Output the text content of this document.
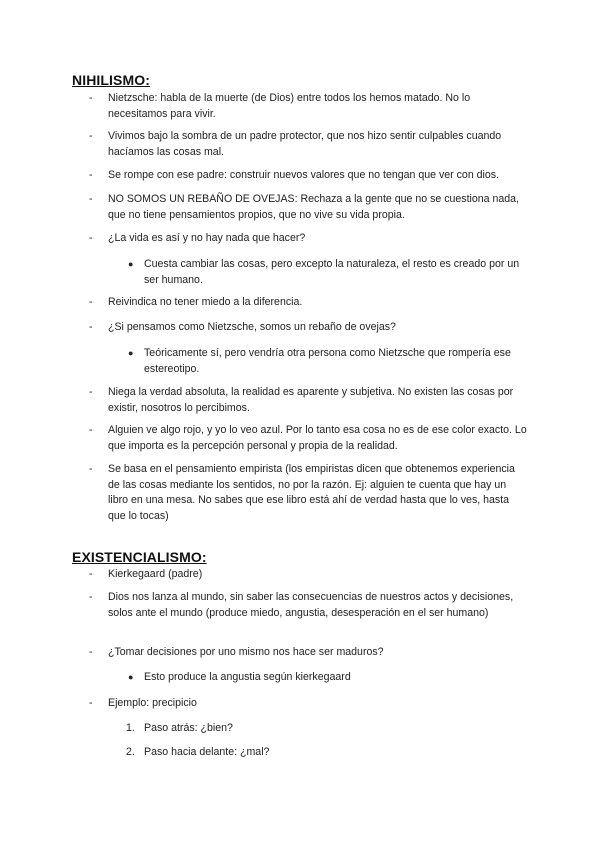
NIHILISMO:
-	Nietzsche: habla de la muerte (de Dios) entre todos los hemos matado. No lo necesitamos para vivir.
-	Vivimos bajo la sombra de un padre protector, que nos hizo sentir culpables cuando hacíamos las cosas mal.
-	Se rompe con ese padre: construir nuevos valores que no tengan que ver con dios.
-	NO SOMOS UN REBAÑO DE OVEJAS: Rechaza a la gente que no se cuestiona nada, que no tiene pensamientos propios, que no vive su vida propia.
-	¿La vida es así y no hay nada que hacer?
● Cuesta cambiar las cosas, pero excepto la naturaleza, el resto es creado por un ser humano.
-	Reivindica no tener miedo a la diferencia.
-	¿Si pensamos como Nietzsche, somos un rebaño de ovejas?
● Teóricamente sí, pero vendría otra persona como Nietzsche que rompería ese estereotipo.
-	Niega la verdad absoluta, la realidad es aparente y subjetiva. No existen las cosas por existir, nosotros lo percibimos.
-	Alguien ve algo rojo, y yo lo veo azul. Por lo tanto esa cosa no es de ese color exacto. Lo que importa es la percepción personal y propia de la realidad.
-	Se basa en el pensamiento empirista (los empiristas dicen que obtenemos experiencia de las cosas mediante los sentidos, no por la razón. Ej: alguien te cuenta que hay un libro en una mesa. No sabes que ese libro está ahí de verdad hasta que lo ves, hasta que lo tocas)
EXISTENCIALISMO:
-	Kierkegaard (padre)
-	Dios nos lanza al mundo, sin saber las consecuencias de nuestros actos y decisiones, solos ante el mundo (produce miedo, angustia, desesperación en el ser humano)
-	¿Tomar decisiones por uno mismo nos hace ser maduros?
● Esto produce la angustia según kierkegaard
-	Ejemplo: precipicio
1. Paso atrás: ¿bien?
2. Paso hacia delante: ¿mal?
